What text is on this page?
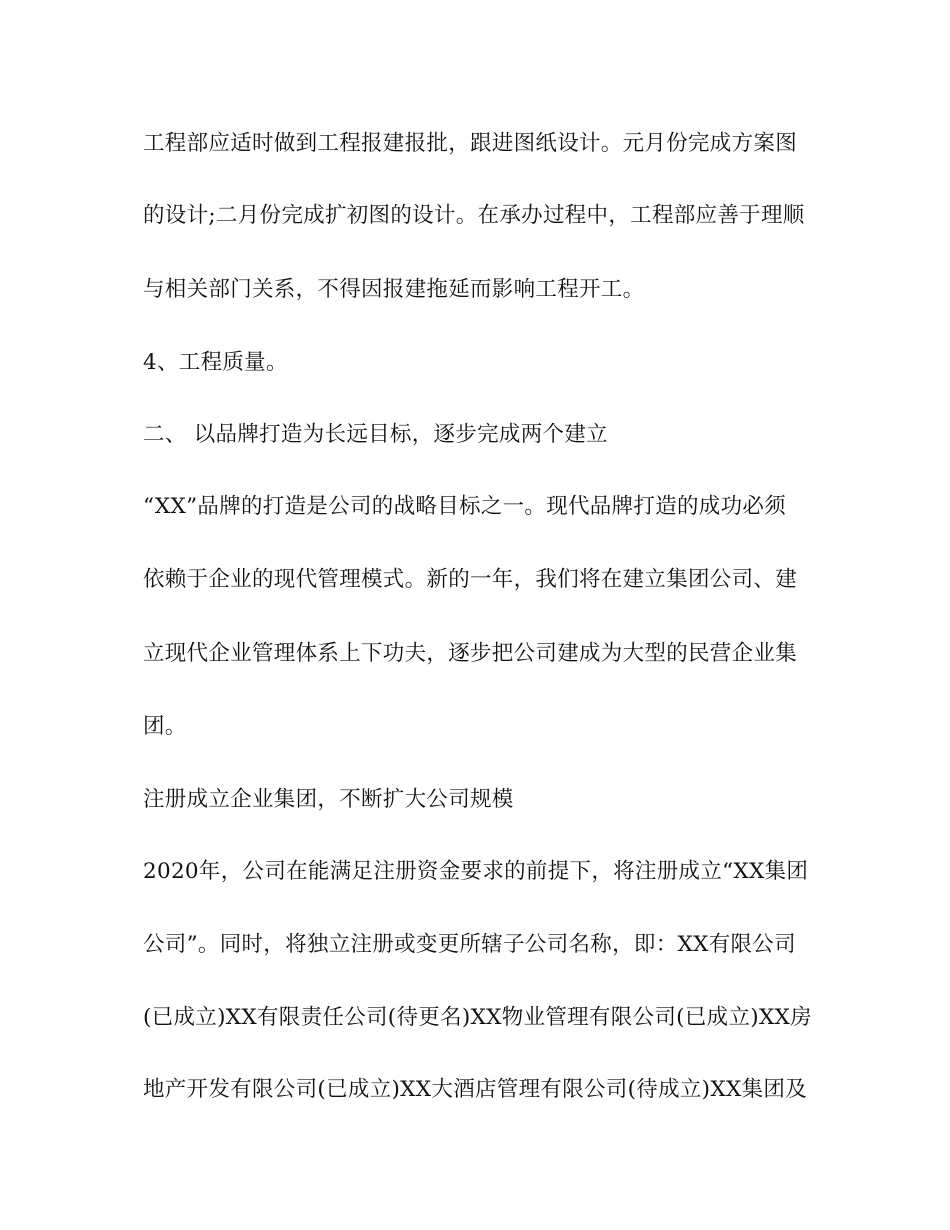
工程部应适时做到工程报建报批，跟进图纸设计。元月份完成方案图
的设计;二月份完成扩初图的设计。在承办过程中，工程部应善于理顺
与相关部门关系，不得因报建拖延而影响工程开工。
4、工程质量。
二、 以品牌打造为长远目标，逐步完成两个建立
“XX”品牌的打造是公司的战略目标之一。现代品牌打造的成功必须
依赖于企业的现代管理模式。新的一年，我们将在建立集团公司、建
立现代企业管理体系上下功夫，逐步把公司建成为大型的民营企业集
团。
注册成立企业集团，不断扩大公司规模
2020年，公司在能满足注册资金要求的前提下，将注册成立“XX集团
公司”。同时，将独立注册或变更所辖子公司名称，即：XX有限公司
(已成立)XX有限责任公司(待更名)XX物业管理有限公司(已成立)XX房
地产开发有限公司(已成立)XX大酒店管理有限公司(待成立)XX集团及
